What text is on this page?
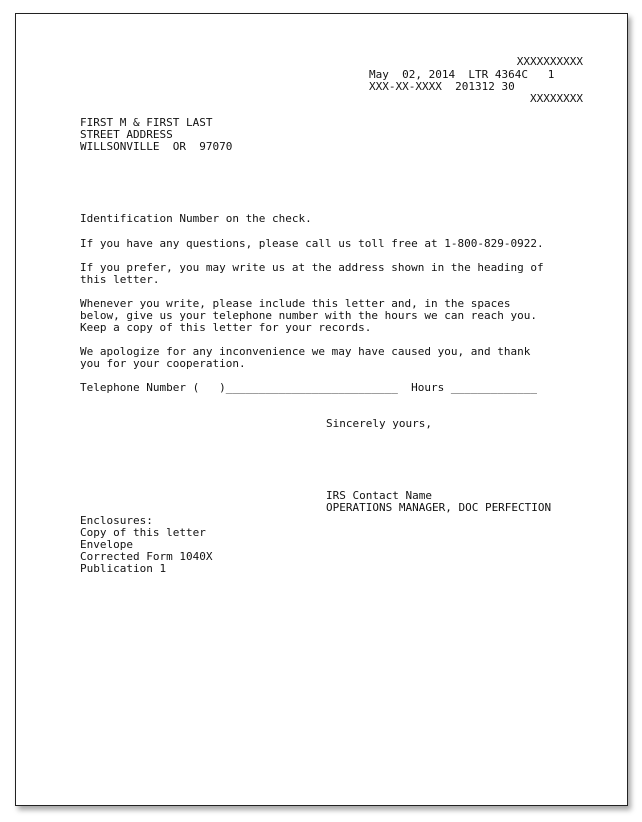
XXXXXXXXXX
May  02, 2014  LTR 4364C   1
XXX-XX-XXXX  201312 30
XXXXXXXX
FIRST M & FIRST LAST
STREET ADDRESS
WILLSONVILLE  OR  97070
Identification Number on the check.
If you have any questions, please call us toll free at 1-800-829-0922.
If you prefer, you may write us at the address shown in the heading of
this letter.
Whenever you write, please include this letter and, in the spaces
below, give us your telephone number with the hours we can reach you.
Keep a copy of this letter for your records.
We apologize for any inconvenience we may have caused you, and thank
you for your cooperation.
Telephone Number (   )__________________________  Hours _____________
Sincerely yours,
IRS Contact Name
OPERATIONS MANAGER, DOC PERFECTION
Enclosures:
Copy of this letter
Envelope
Corrected Form 1040X
Publication 1
